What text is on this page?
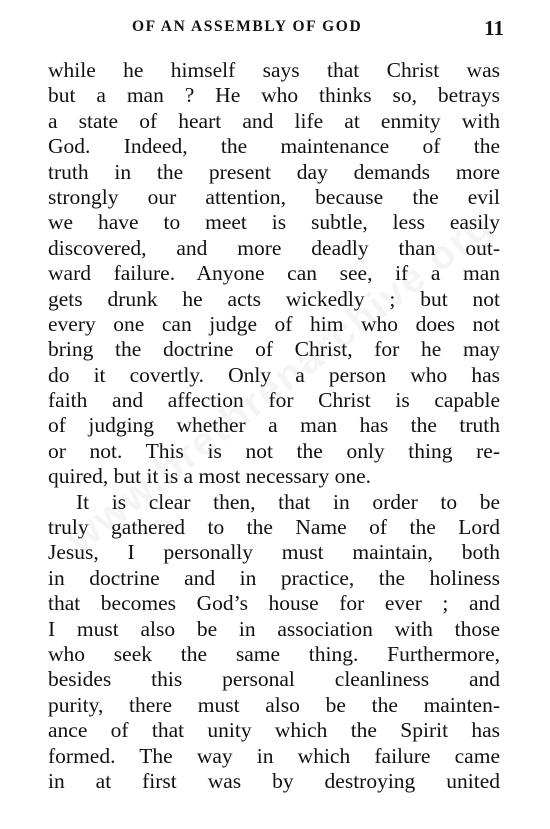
OF AN ASSEMBLY OF GOD	11
while he himself says that Christ was
but a man ? He who thinks so, betrays
a state of heart and life at enmity with
God. Indeed, the maintenance of the
truth in the present day demands more
strongly our attention, because the evil
we have to meet is subtle, less easily
discovered, and more deadly than out-
ward failure. Anyone can see, if a man
gets drunk he acts wickedly ; but not
every one can judge of him who does not
bring the doctrine of Christ, for he may
do it covertly. Only a person who has
faith and affection for Christ is capable
of judging whether a man has the truth
or not. This is not the only thing re-
quired, but it is a most necessary one.
It is clear then, that in order to be
truly gathered to the Name of the Lord
Jesus, I personally must maintain, both
in doctrine and in practice, the holiness
that becomes God’s house for ever ; and
I must also be in association with those
who seek the same thing. Furthermore,
besides this personal cleanliness and
purity, there must also be the mainten-
ance of that unity which the Spirit has
formed. The way in which failure came
in at first was by destroying united
